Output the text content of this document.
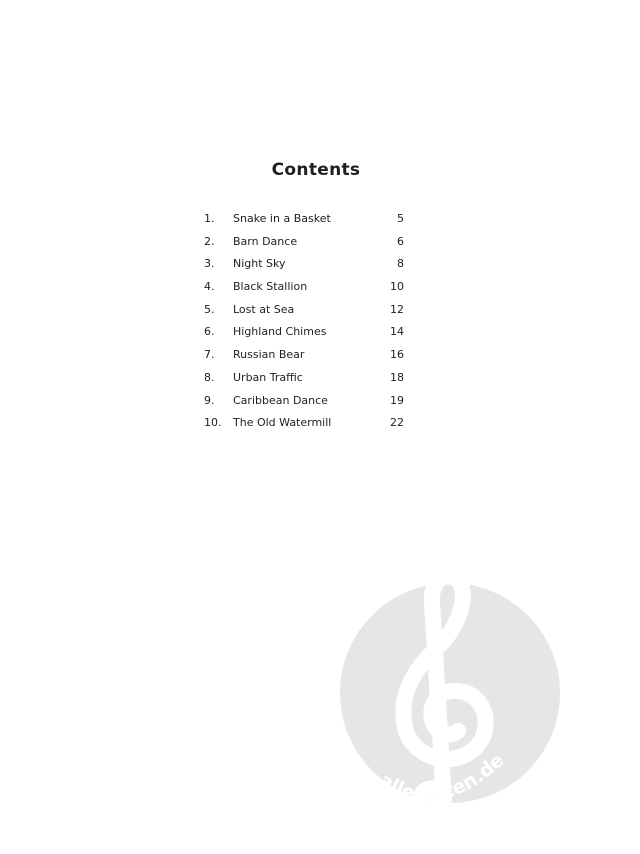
Contents
1. Snake in a Basket	5
2. Barn Dance	6
3. Night Sky	8
4. Black Stallion	10
5. Lost at Sea	12
6. Highland Chimes	14
7. Russian Bear	16
8. Urban Traffic	18
9. Caribbean Dance	19
10. The Old Watermill	22
alle-noten.de
